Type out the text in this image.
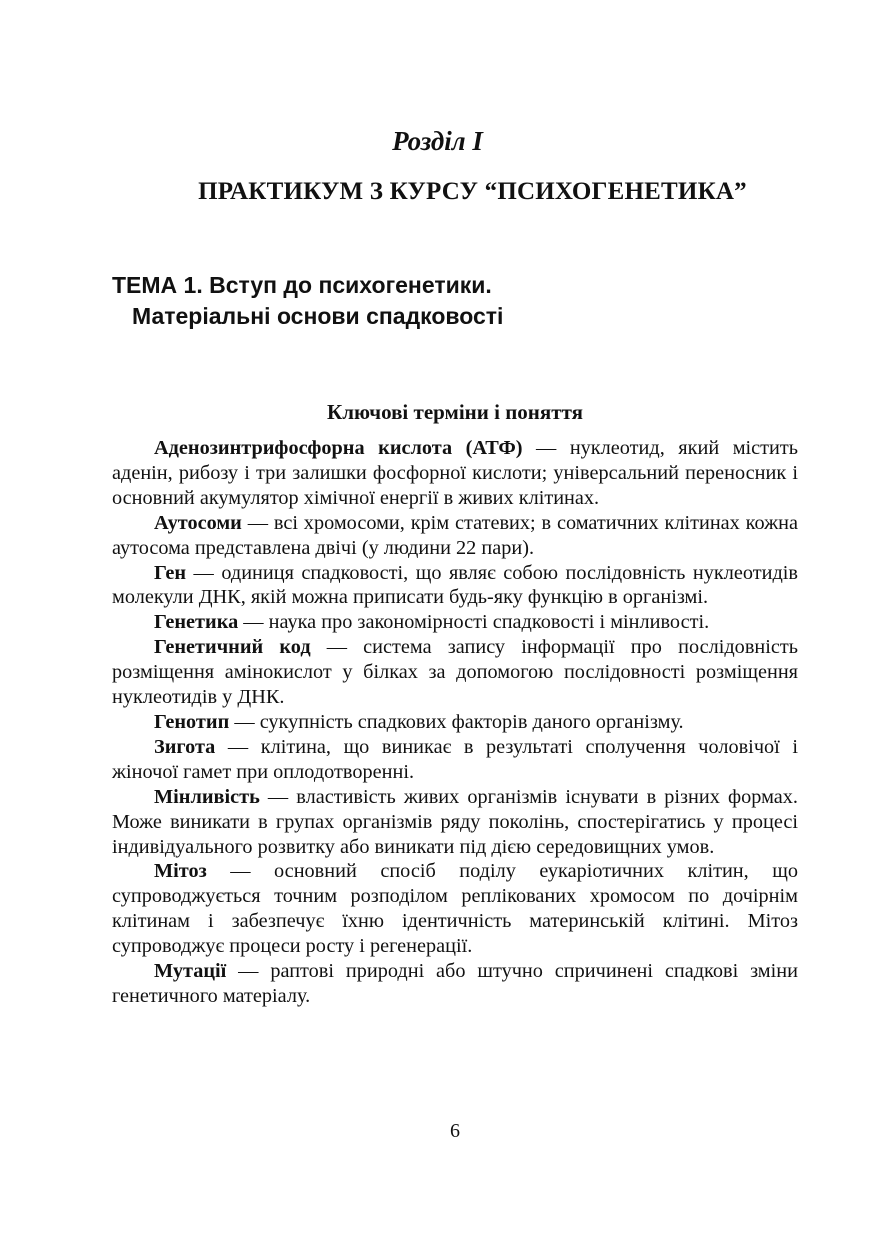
Розділ І
ПРАКТИКУМ З КУРСУ “ПСИХОГЕНЕТИКА”
ТЕМА 1. Вступ до психогенетики.
Матеріальні основи спадковості
Ключові терміни і поняття

Аденозинтрифосфорна кислота (АТФ) — нуклеотид, який містить аденін, рибозу і три залишки фосфорної кислоти; універсальний переносник і основний акумулятор хімічної енергії в живих клітинах.

Аутосоми — всі хромосоми, крім статевих; в соматичних клітинах кожна аутосома представлена двічі (у людини 22 пари).

Ген — одиниця спадковості, що являє собою послідовність нуклеотидів молекули ДНК, якій можна приписати будь-яку функцію в організмі.

Генетика — наука про закономірності спадковості і мінливості.

Генетичний код — система запису інформації про послідовність розміщення амінокислот у білках за допомогою послідовності розміщення нуклеотидів у ДНК.

Генотип — сукупність спадкових факторів даного організму.

Зигота — клітина, що виникає в результаті сполучення чоловічої і жіночої гамет при оплодотворенні.

Мінливість — властивість живих організмів існувати в різних формах. Може виникати в групах організмів ряду поколінь, спостерігатись у процесі індивідуального розвитку або виникати під дією середовищних умов.

Мітоз — основний спосіб поділу еукаріотичних клітин, що супроводжується точним розподілом реплікованих хромосом по дочірнім клітинам і забезпечує їхню ідентичність материнській клітині. Мітоз супроводжує процеси росту і регенерації.

Мутації — раптові природні або штучно спричинені спадкові зміни генетичного матеріалу.

6
